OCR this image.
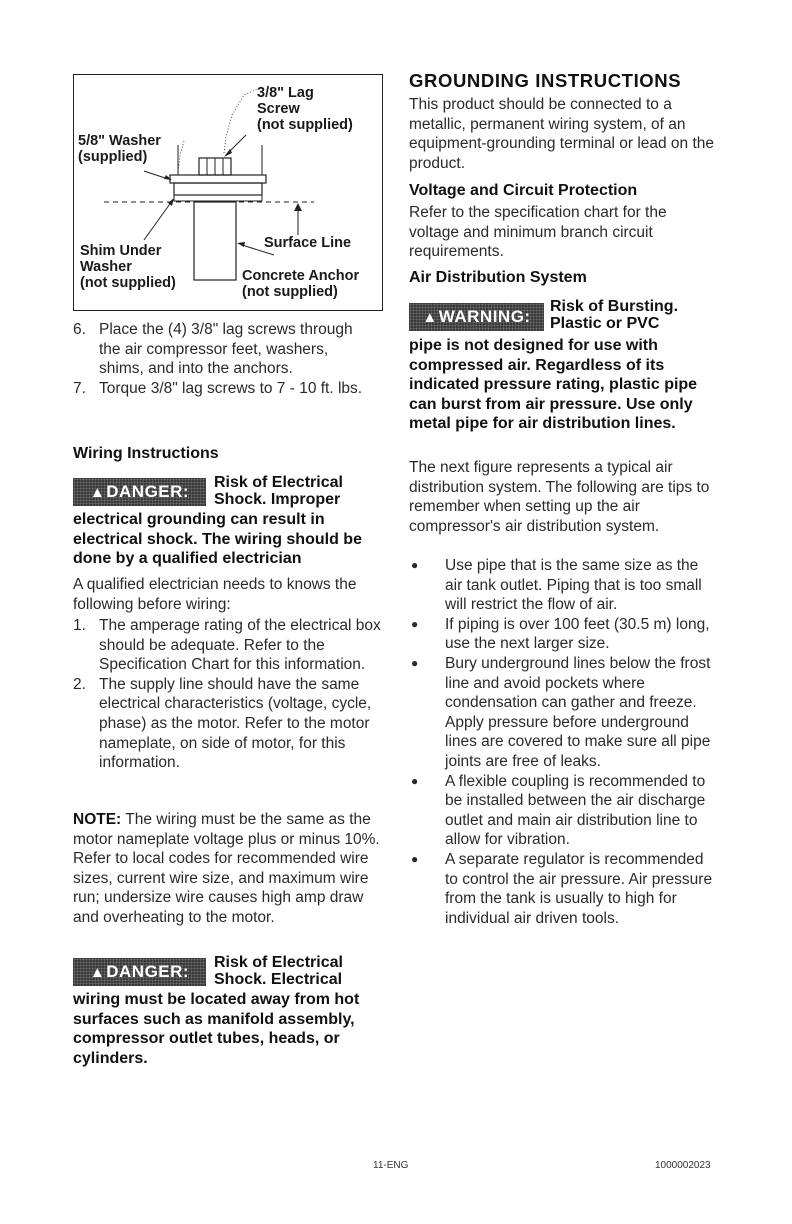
3/8" Lag
Screw
(not supplied)
5/8" Washer
(supplied)
Shim Under
Washer
(not supplied)
Surface Line
Concrete Anchor
(not supplied)
6. Place the (4) 3/8" lag screws through the air compressor feet, washers, shims, and into the anchors.
7. Torque 3/8" lag screws to 7 - 10 ft. lbs.
Wiring Instructions
▲ DANGER: Risk of Electrical
Shock. Improper
electrical grounding can result in electrical shock. The wiring should be done by a qualified electrician
A qualified electrician needs to knows the following before wiring:
1. The amperage rating of the electrical box should be adequate. Refer to the Specification Chart for this information.
2. The supply line should have the same electrical characteristics (voltage, cycle, phase) as the motor. Refer to the motor nameplate, on side of motor, for this information.
NOTE: The wiring must be the same as the motor nameplate voltage plus or minus 10%. Refer to local codes for recommended wire sizes, current wire size, and maximum wire run; undersize wire causes high amp draw and overheating to the motor.
▲ DANGER: Risk of Electrical
Shock. Electrical
wiring must be located away from hot surfaces such as manifold assembly, compressor outlet tubes, heads, or cylinders.
GROUNDING INSTRUCTIONS
This product should be connected to a metallic, permanent wiring system, of an equipment-grounding terminal or lead on the product.
Voltage and Circuit Protection
Refer to the specification chart for the voltage and minimum branch circuit requirements.
Air Distribution System
▲ WARNING:
Risk of Bursting.
Plastic or PVC
pipe is not designed for use with compressed air. Regardless of its indicated pressure rating, plastic pipe can burst from air pressure. Use only metal pipe for air distribution lines.
The next figure represents a typical air distribution system. The following are tips to remember when setting up the air compressor's air distribution system.
●	Use pipe that is the same size as the air tank outlet. Piping that is too small will restrict the flow of air.
●	If piping is over 100 feet (30.5 m) long, use the next larger size.
●	Bury underground lines below the frost line and avoid pockets where condensation can gather and freeze. Apply pressure before underground lines are covered to make sure all pipe joints are free of leaks.
●	A flexible coupling is recommended to be installed between the air discharge outlet and main air distribution line to allow for vibration.
●	A separate regulator is recommended to control the air pressure. Air pressure from the tank is usually to high for individual air driven tools.
11-ENG	1000002023
